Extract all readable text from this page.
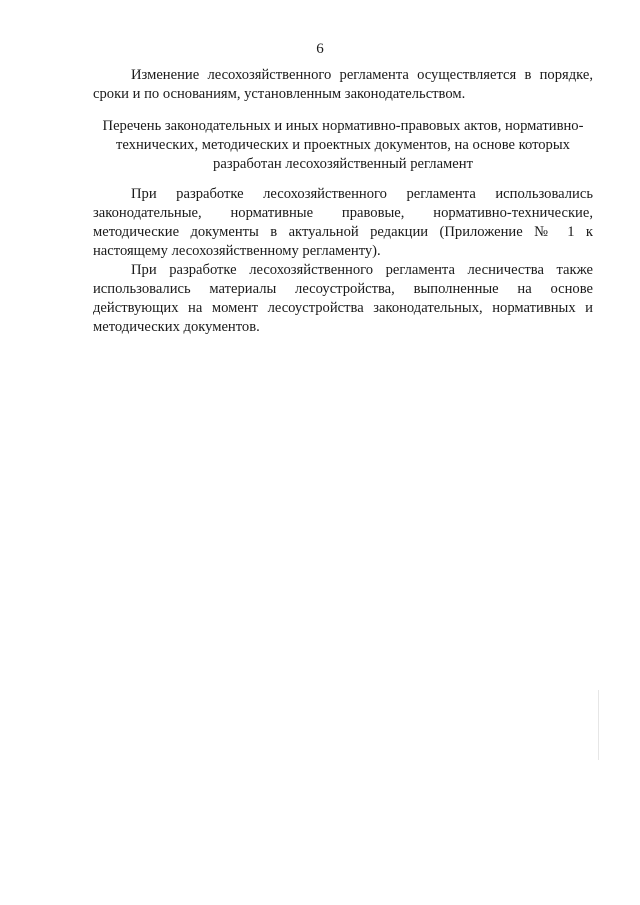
6

Изменение лесохозяйственного регламента осуществляется в порядке, сроки и по основаниям, установленным законодательством.

Перечень законодательных и иных нормативно-правовых актов, нормативно-технических, методических и проектных документов, на основе которых разработан лесохозяйственный регламент

При разработке лесохозяйственного регламента использовались законодательные, нормативные правовые, нормативно-технические, методические документы в актуальной редакции (Приложение № 1 к настоящему лесохозяйственному регламенту).

При разработке лесохозяйственного регламента лесничества также использовались материалы лесоустройства, выполненные на основе действующих на момент лесоустройства законодательных, нормативных и методических документов.
